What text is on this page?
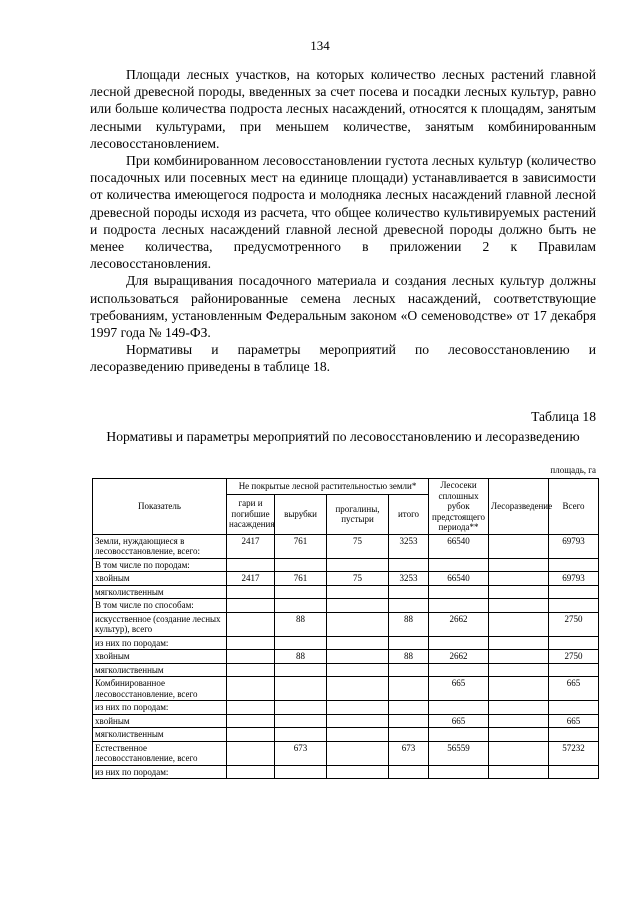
134

Площади лесных участков, на которых количество лесных растений главной лесной древесной породы, введенных за счет посева и посадки лесных культур, равно или больше количества подроста лесных насаждений, относятся к площадям, занятым лесными культурами, при меньшем количестве, занятым комбинированным лесовосстановлением.

При комбинированном лесовосстановлении густота лесных культур (количество посадочных или посевных мест на единице площади) устанавливается в зависимости от количества имеющегося подроста и молодняка лесных насаждений главной лесной древесной породы исходя из расчета, что общее количество культивируемых растений и подроста лесных насаждений главной лесной древесной породы должно быть не менее количества, предусмотренного в приложении 2 к Правилам лесовосстановления.

Для выращивания посадочного материала и создания лесных культур должны использоваться районированные семена лесных насаждений, соответствующие требованиям, установленным Федеральным законом «О семеноводстве» от 17 декабря 1997 года № 149-ФЗ.

Нормативы и параметры мероприятий по лесовосстановлению и лесоразведению приведены в таблице 18.

Таблица 18
Нормативы и параметры мероприятий по лесовосстановлению и лесоразведению
площадь, га
Показатель	Не покрытые лесной растительностью земли*				Лесосеки сплошных рубок предстоящего периода**	Лесоразведение	Всего
	гари и погибшие насаждения	вырубки	прогалины, пустыри	итого			
Земли, нуждающиеся в лесовосстановление, всего:	2417	761	75	3253	66540		69793
В том числе по породам:							
хвойным	2417	761	75	3253	66540		69793
мягколиственным							
В том числе по способам:							
искусственное (создание лесных культур), всего		88		88	2662		2750
из них по породам:							
хвойным		88		88	2662		2750
мягколиственным							
Комбинированное лесовосстановление, всего					665		665
из них по породам:							
хвойным					665		665
мягколиственным							
Естественное лесовосстановление, всего		673		673	56559		57232
из них по породам:							
